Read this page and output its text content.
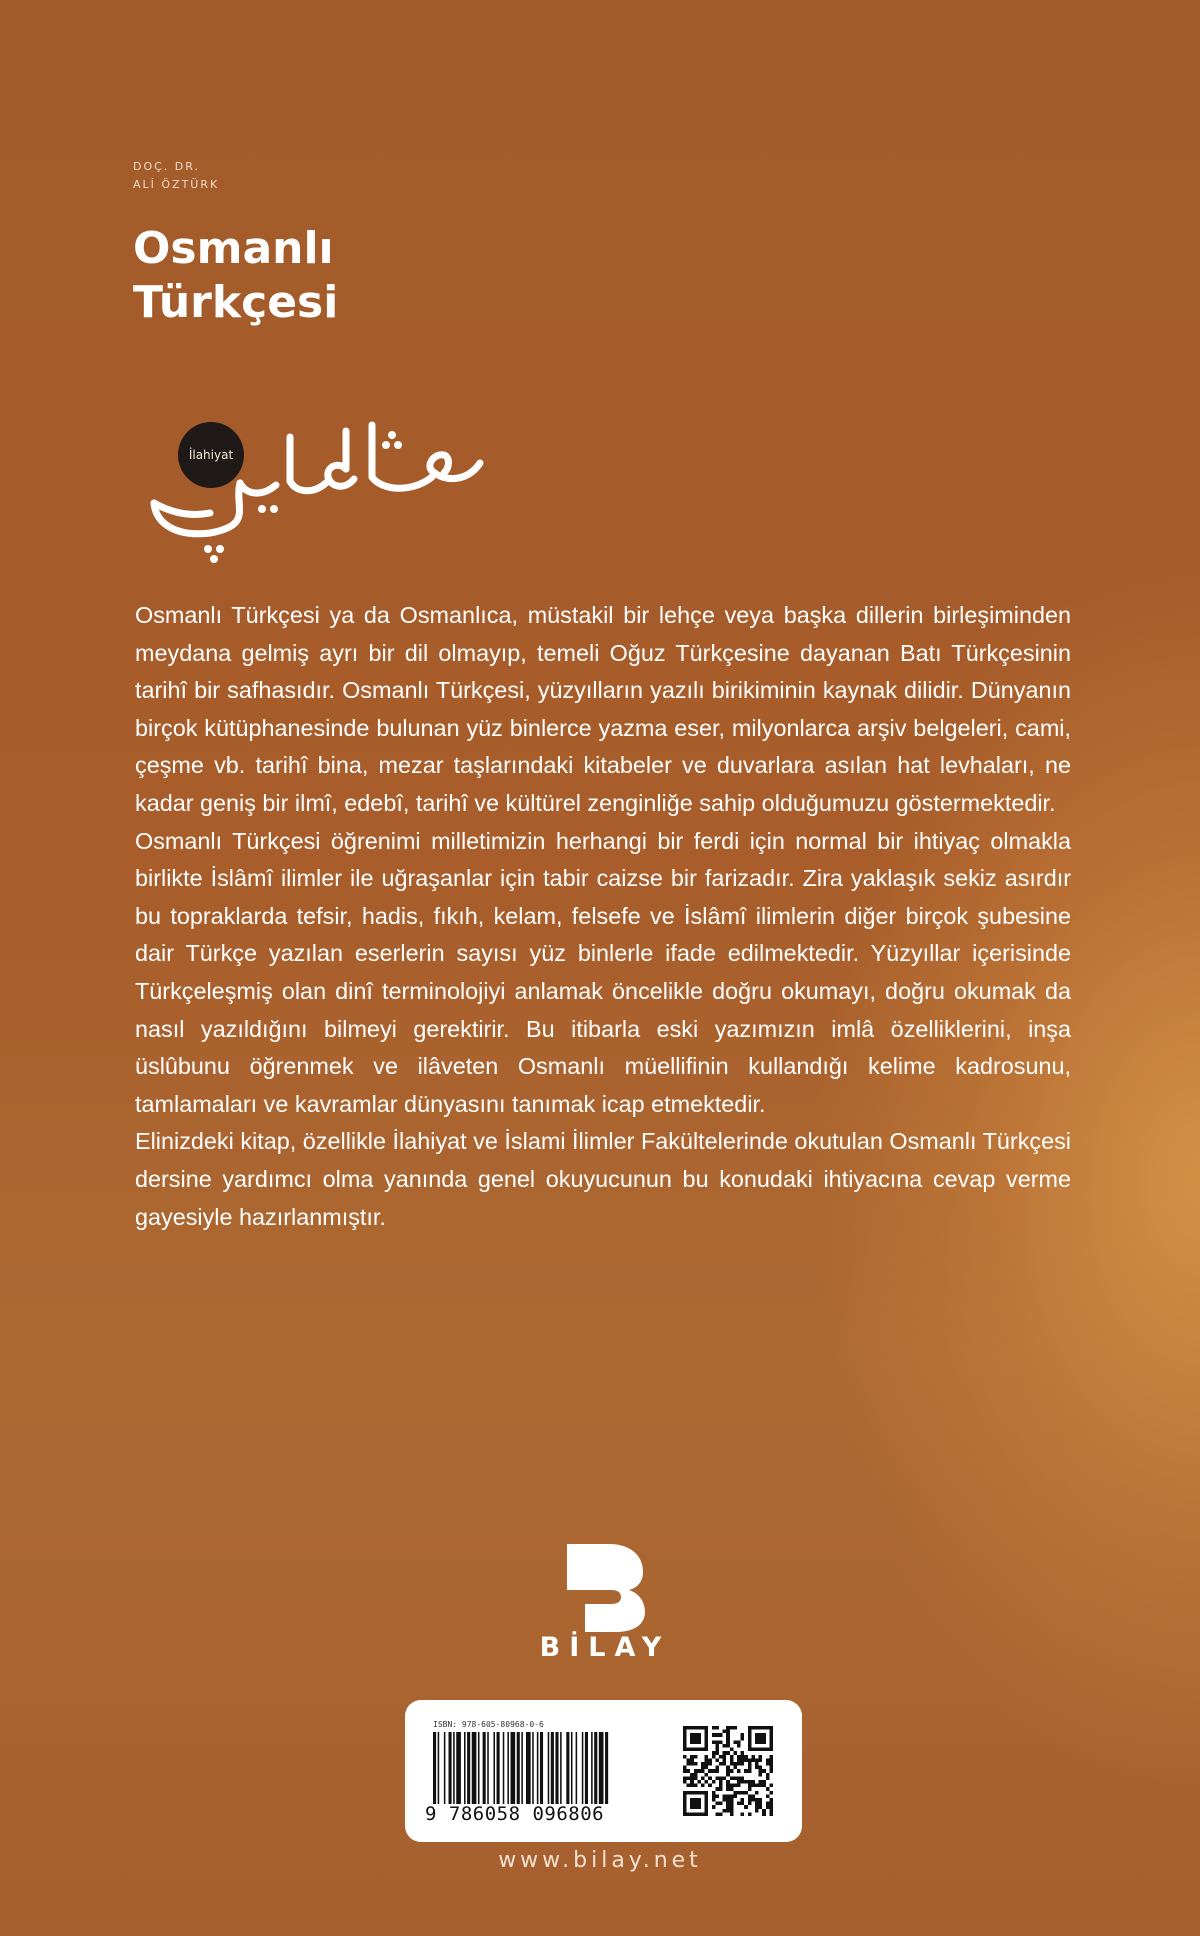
DOÇ. DR.
ALİ ÖZTÜRK
Osmanlı
Türkçesi
İlahiyat

Osmanlı Türkçesi ya da Osmanlıca, müstakil bir lehçe veya başka dillerin birleşiminden meydana gelmiş ayrı bir dil olmayıp, temeli Oğuz Türkçesine dayanan Batı Türkçesinin tarihî bir safhasıdır. Osmanlı Türkçesi, yüzyılların yazılı birikiminin kaynak dilidir. Dünyanın birçok kütüphanesinde bulunan yüz binlerce yazma eser, milyonlarca arşiv belgeleri, cami, çeşme vb. tarihî bina, mezar taşlarındaki kitabeler ve duvarlara asılan hat levhaları, ne kadar geniş bir ilmî, edebî, tarihî ve kültürel zenginliğe sahip olduğumuzu göstermektedir.

Osmanlı Türkçesi öğrenimi milletimizin herhangi bir ferdi için normal bir ihtiyaç olmakla birlikte İslâmî ilimler ile uğraşanlar için tabir caizse bir farizadır. Zira yaklaşık sekiz asırdır bu topraklarda tefsir, hadis, fıkıh, kelam, felsefe ve İslâmî ilimlerin diğer birçok şubesine dair Türkçe yazılan eserlerin sayısı yüz binlerle ifade edilmektedir. Yüzyıllar içerisinde Türkçeleşmiş olan dinî terminolojiyi anlamak öncelikle doğru okumayı, doğru okumak da nasıl yazıldığını bilmeyi gerektirir. Bu itibarla eski yazımızın imlâ özelliklerini, inşa üslûbunu öğrenmek ve ilâveten Osmanlı müellifinin kullandığı kelime kadrosunu, tamlamaları ve kavramlar dünyasını tanımak icap etmektedir.

Elinizdeki kitap, özellikle İlahiyat ve İslami İlimler Fakültelerinde okutulan Osmanlı Türkçesi dersine yardımcı olma yanında genel okuyucunun bu konudaki ihtiyacına cevap verme gayesiyle hazırlanmıştır.

BİLAY
ISBN: 978-605-80968-0-6
9 786058 096806
www.bilay.net
